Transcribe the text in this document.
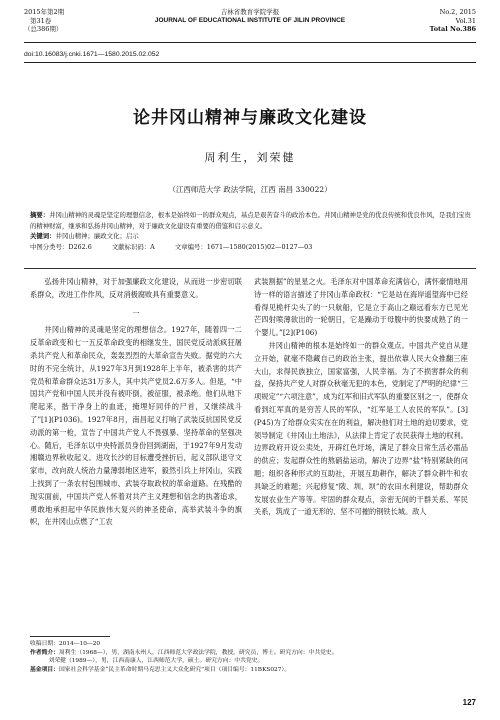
2015年第2期
第31卷
（总386期）
吉林省教育学院学报
JOURNAL OF EDUCATIONAL INSTITUTE OF JILIN PROVINCE
No.2, 2015
Vol.31
Total No.386
doi:10.16083/j.cnki.1671—1580.2015.02.052
论井冈山精神与廉政文化建设
周利生，刘荣健
（江西师范大学 政法学院，江西 南昌 330022）
摘要：井冈山精神的灵魂是坚定的理想信念，根本是始终如一的群众观点，基点是艰苦奋斗的政治本色。井冈山精神是党的优良传统和优良作风，是我们宝贵的精神财富，继承和弘扬井冈山精神，对于廉政文化建设有重要的借鉴和启示意义。
关键词：井冈山精神；廉政文化；启示
中图分类号：D262.6	文献标识码：A	文章编号：1671—1580(2015)02—0127—03

弘扬井冈山精神，对于加强廉政文化建设，从而进一步密切联系群众，改进工作作风，反对消极腐败具有重要意义。

一

井冈山精神的灵魂是坚定的理想信念。1927年，随着四一二反革命政变和七一五反革命政变的相继发生，国民党反动派疯狂屠杀共产党人和革命民众，轰轰烈烈的大革命宣告失败。据党的六大时的不完全统计，从1927年3月到1928年上半年，被杀害的共产党员和革命群众达31万多人，其中共产党员2.6万多人。但是，“中国共产党和中国人民并没有被吓倒，被征服，被杀绝。他们从地下爬起来，揩干净身上的血迹，掩埋好同伴的尸首，又继续战斗了”[1](P1036)。1927年8月，南昌起义打响了武装反抗国民党反动派的第一枪，宣告了中国共产党人不畏强暴、坚持革命的坚强决心。随后，毛泽东以中央特派员身份回到湖南，于1927年9月发动湘赣边界秋收起义。进攻长沙的目标遭受挫折后，起义部队退守文家市，改向敌人统治力量薄弱地区进军，毅然引兵上井冈山，实践上找到了一条农村包围城市、武装夺取政权的革命道路。在残酷的现实面前，中国共产党人怀着对共产主义理想和信念的执著追求，勇敢地承担起中华民族伟大复兴的神圣使命，高举武装斗争的旗帜，在井冈山点燃了“工农

武装割据”的星星之火。毛泽东对中国革命充满信心，满怀豪情地用诗一样的语言描述了井冈山革命政权：“它是站在海岸遥望海中已经看得见桅杆尖头了的一只航船，它是立于高山之巅远看东方已见光芒四射喷薄欲出的一轮朝日，它是躁动于母腹中的快要成熟了的一个婴儿。”[2](P106)

井冈山精神的根本是始终如一的群众观点。中国共产党自从建立开始，就毫不隐藏自己的政治主张，提出依靠人民大众推翻三座大山，求得民族独立，国家富强，人民幸福。为了不损害群众的利益，保持共产党人对群众秋毫无犯的本色，党制定了严明的纪律“三项规定”“六项注意”，成为红军和旧式军队的重要区别之一，使群众看到红军真的是穷苦人民的军队，“红军是工人农民的军队”。[3](P45)为了给群众实实在在的利益，解决他们对土地的迫切要求，党领导制定《井冈山土地法》，从法律上肯定了农民获得土地的权利。边界政府开设公卖处，开辟红色圩场，满足了群众日常生活必需品的供应；发起群众性的熬硝盐运动，解决了边界“盐”特别紧缺的问题；组织各种形式的互助社，开展互助耕作，解决了群众耕牛和农具缺乏的难题；兴起修复“陂、圳、坝”的农田水利建设，帮助群众发展农业生产等等。牢固的群众观点，亲密无间的干群关系、军民关系，筑成了一道无形的、坚不可摧的钢铁长城。敌人

收稿日期：2014—10—20
作者简介：周利生（1968—），男，湖南永州人，江西师范大学政法学院，教授，研究员，博士。研究方向：中共党史。
刘荣健（1989—），男，江西南康人，江西师范大学，硕士。研究方向：中共党史。
基金项目：国家社会科学基金“民主革命时期马克思主义大众化研究”项目（项目编号：11BKS027）。
127
